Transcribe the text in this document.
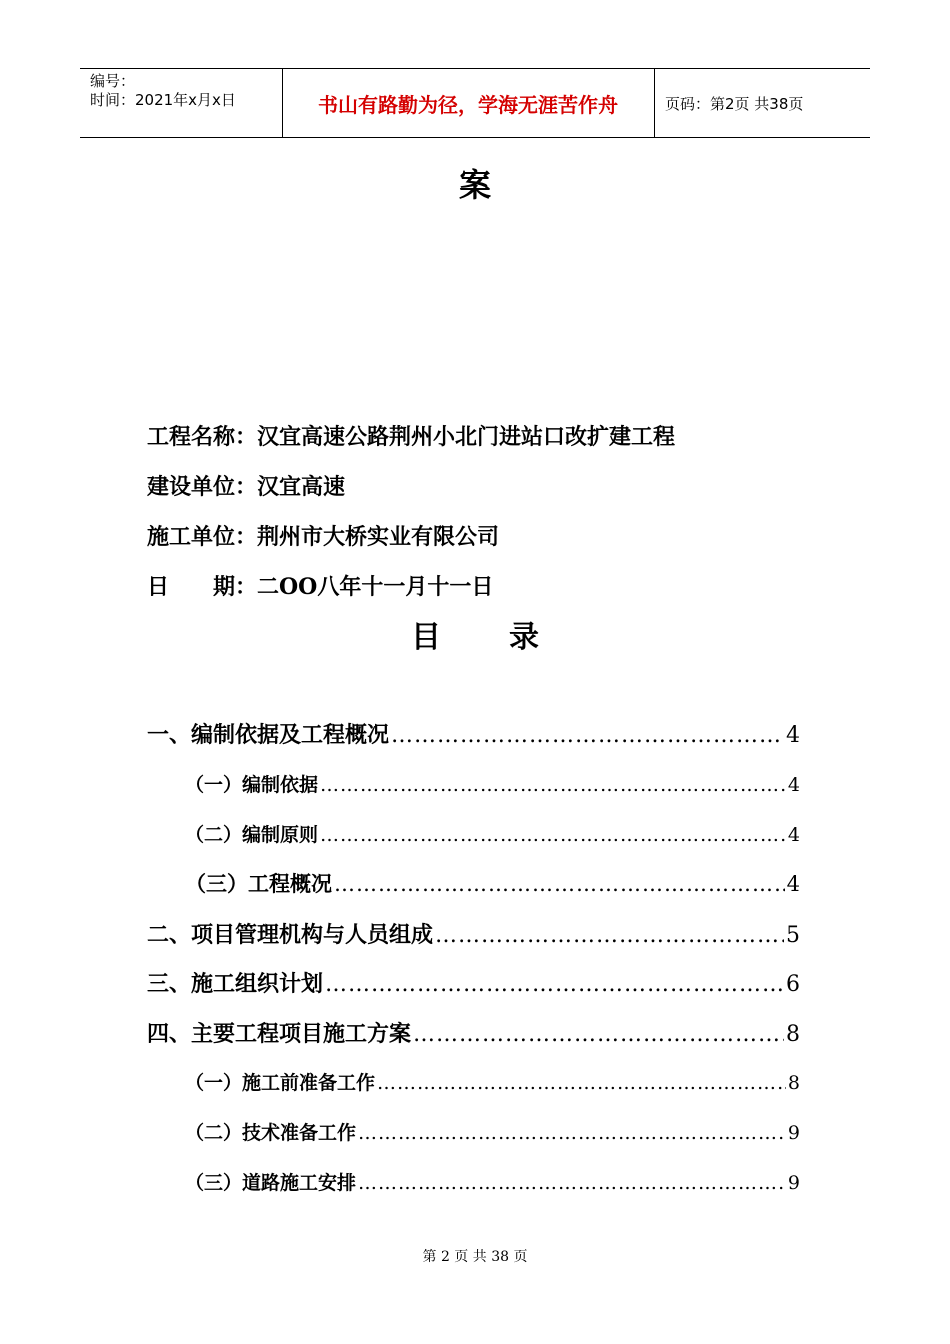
编号：
时间：2021年x月x日	书山有路勤为径，学海无涯苦作舟	页码：第2页 共38页
案
工程名称：汉宜高速公路荆州小北门进站口改扩建工程
建设单位：汉宜高速
施工单位：荆州市大桥实业有限公司
日　　期：二OO八年十一月十一日
目 录
一、编制依据及工程概况 …………………………………………………………………………………………………………………………	4
（一）编制依据 …………………………………………………………………………………………………………………………	4
（二）编制原则 …………………………………………………………………………………………………………………………	4
（三）工程概况 …………………………………………………………………………………………………………………………	4
二、项目管理机构与人员组成 …………………………………………………………………………………………………………………………	5
三、施工组织计划 …………………………………………………………………………………………………………………………	6
四、主要工程项目施工方案 …………………………………………………………………………………………………………………………	8
（一）施工前准备工作 …………………………………………………………………………………………………………………………	8
（二）技术准备工作 …………………………………………………………………………………………………………………………	9
（三）道路施工安排 …………………………………………………………………………………………………………………………	9
第 2 页 共 38 页
